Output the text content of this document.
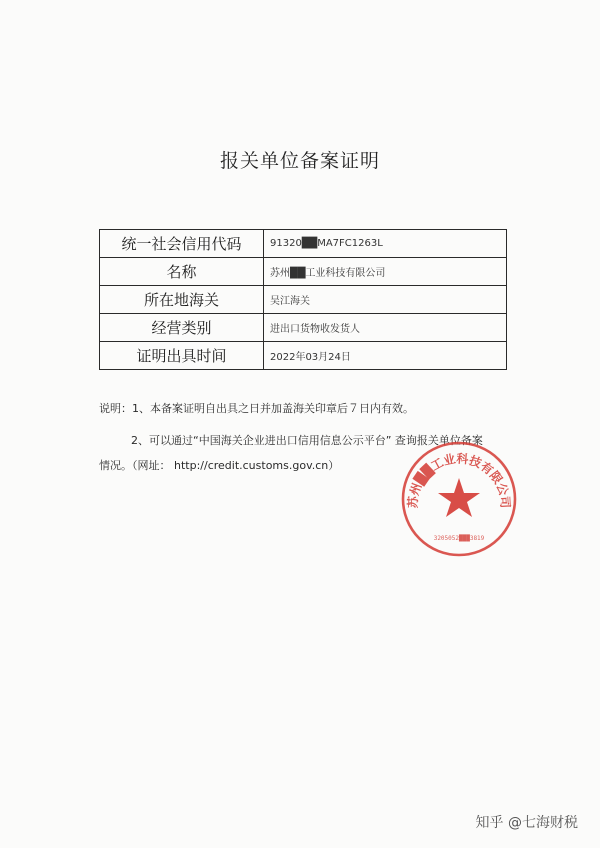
报关单位备案证明
统一社会信用代码	91320██MA7FC1263L
名称	苏州██工业科技有限公司
所在地海关	吴江海关
经营类别	进出口货物收发货人
证明出具时间	2022年03月24日
说明：1、本备案证明自出具之日并加盖海关印章后７日内有效。
2、可以通过“中国海关企业进出口信用信息公示平台” 查询报关单位备案
情况。（网址： http://credit.customs.gov.cn）
苏州██工业科技有限公司
3205052███3819
知乎 @七海财税
